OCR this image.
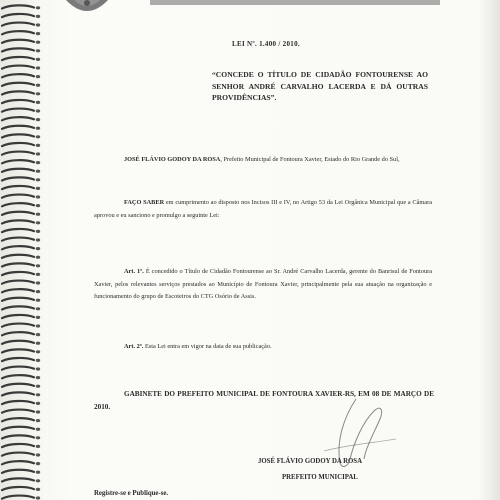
LEI Nº. 1.400 / 2010.
“CONCEDE O TÍTULO DE CIDADÃO FONTOURENSE AO SENHOR ANDRÉ CARVALHO LACERDA E DÁ OUTRAS PROVIDÊNCIAS”.
JOSÉ FLÁVIO GODOY DA ROSA, Prefeito Municipal de Fontoura Xavier, Estado do Rio Grande do Sul,
FAÇO SABER em cumprimento ao disposto nos Incisos III e IV, no Artigo 53 da Lei Orgânica Municipal que a Câmara aprovou e eu sanciono e promulgo a seguinte Lei:
Art. 1º. É concedido o Título de Cidadão Fontourense ao Sr. André Carvalho Lacerda, gerente do Banrisul de Fontoura Xavier, pelos relevantes serviços prestados ao Município de Fontoura Xavier, principalmente pela sua atuação na organização e funcionamento do grupo de Escoteiros do CTG Osório de Assis.
Art. 2º. Esta Lei entra em vigor na data de sua publicação.
GABINETE DO PREFEITO MUNICIPAL DE FONTOURA XAVIER-RS, EM 08 DE MARÇO DE 2010.
JOSÉ FLÁVIO GODOY DA ROSA
PREFEITO MUNICIPAL
Registre-se e Publique-se.
